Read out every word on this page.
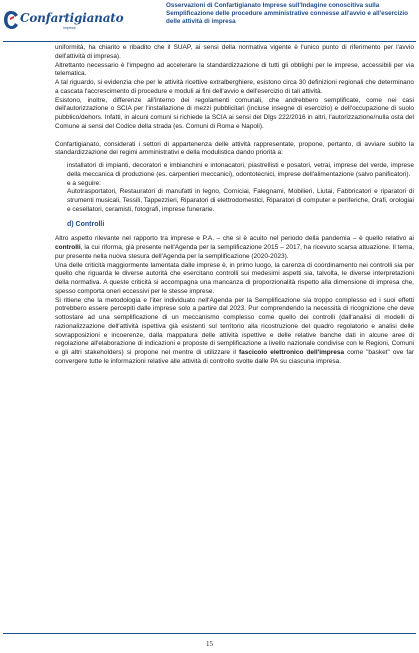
Confartigianato
Imprese
Osservazioni di Confartigianato Imprese sull'Indagine conoscitiva sulla
Semplificazione delle procedure amministrative connesse all'avvio e all'esercizio
delle attività di impresa

uniformità, ha chiarito e ribadito che il SUAP, ai sensi della normativa vigente è l'unico punto di riferimento per l'avvio dell'attività di impresa).

Altrettanto necessario è l'impegno ad accelerare la standardizzazione di tutti gli obblighi per le imprese, accessibili per via telematica.

A tal riguardo, si evidenzia che per le attività ricettive extralberghiere, esistono circa 30 definizioni regionali che determinano a cascata l'accrescimento di procedure e moduli ai fini dell'avvio e dell'esercizio di tali attività.

Esistono, inoltre, differenze all'interno dei regolamenti comunali, che andrebbero semplificate, come nei casi dell'autorizzazione o SCIA per l'installazione di mezzi pubblicitari (incluse insegne di esercizio) e dell'occupazione di suolo pubblico/dehors. Infatti, in alcuni comuni si richiede la SCIA ai sensi del Dlgs 222/2016 in altri, l'autorizzazione/nulla osta del Comune ai sensi del Codice della strada (es. Comuni di Roma e Napoli).

Confartigianato, considerati i settori di appartenenza delle attività rappresentate, propone, pertanto, di avviare subito la standardizzazione dei regimi amministrativi e della modulistica dando priorità a:

installatori di impianti, decoratori e imbianchini e intonacatori, piastrellisti e posatori, vetrai, imprese del verde, imprese della meccanica di produzione (es. carpentieri meccanici), odontotecnici, imprese dell'alimentazione (salvo panificatori).

e a seguire:

Autotrasportatori, Restauratori di manufatti in legno, Corniciai, Falegnami, Mobilieri, Liutai, Fabbricatori e riparatori di strumenti musicali, Tessili, Tappezzieri, Riparatori di elettrodomestici, Riparatori di computer e periferiche, Orafi, orologiai e cesellatori, ceramisti, fotografi, imprese funerarie.

d) Controlli

Altro aspetto rilevante nel rapporto tra imprese e P.A. – che si è acuito nel periodo della pandemia – è quello relativo ai controlli, la cui riforma, già presente nell'Agenda per la semplificazione 2015 – 2017, ha ricevuto scarsa attuazione. Il tema, pur presente nella nuova stesura dell'Agenda per la semplificazione (2020-2023).

Una delle criticità maggiormente lamentata dalle imprese è, in primo luogo, la carenza di coordinamento nei controlli sia per quello che riguarda le diverse autorità che esercitano controlli sui medesimi aspetti sia, talvolta, le diverse interpretazioni della normativa. A queste criticità si accompagna una mancanza di proporzionalità rispetto alla dimensione di impresa che, spesso comporta oneri eccessivi per le stesse imprese.

Si ritiene che la metodologia e l'iter individuato nell'Agenda per la Semplificazione sia troppo complesso ed i suoi effetti potrebbero essere percepiti dalle imprese solo a partire dal 2023. Pur comprendendo la necessità di ricognizione che deve sottostare ad una semplificazione di un meccanismo complesso come quello dei controlli (dall'analisi di modelli di razionalizzazione dell'attività ispettiva già esistenti sul territorio alla ricostruzione del quadro regolatorio e analisi delle sovrapposizioni e incoerenze, dalla mappatura delle attività ispettive e delle relative banche dati in alcune aree di regolazione all'elaborazione di indicazioni e proposte di semplificazione a livello nazionale condivise con le Regioni, Comuni e gli altri stakeholders) si propone nel mentre di utilizzare il fascicolo elettronico dell'impresa come "basket" ove far convergere tutte le informazioni relative alle attività di controllo svolte dalle PA su ciascuna impresa.

15
